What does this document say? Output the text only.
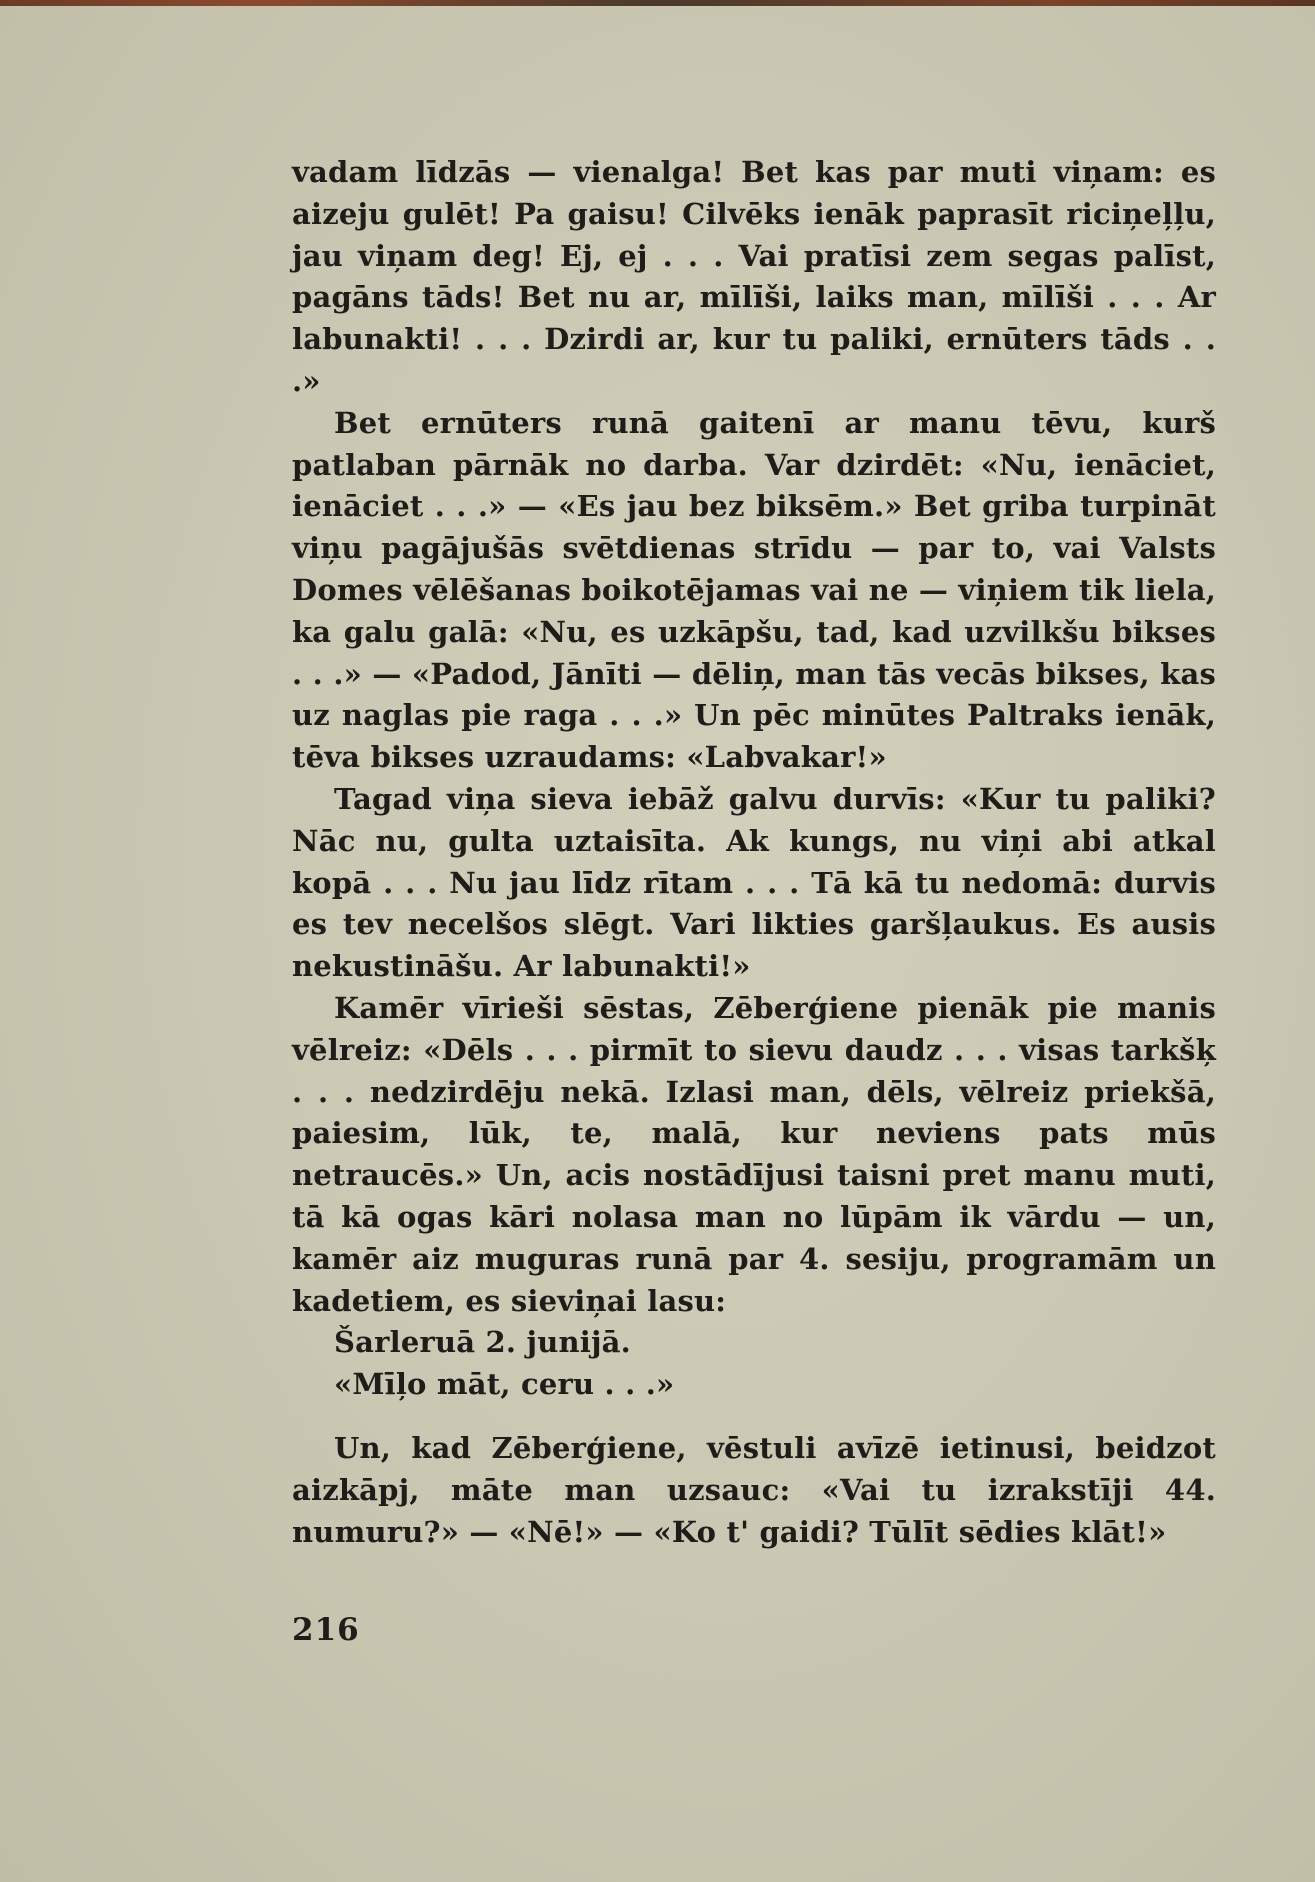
vadam līdzās — vienalga! Bet kas par muti viņam: es aizeju gulēt! Pa gaisu! Cilvēks ienāk paprasīt riciņeļļu, jau viņam deg! Ej, ej . . . Vai pratīsi zem segas palīst, pagāns tāds! Bet nu ar, mīlīši, laiks man, mīlīši . . . Ar labunakti! . . . Dzirdi ar, kur tu paliki, ernūters tāds . . .»

Bet ernūters runā gaitenī ar manu tēvu, kurš patlaban pārnāk no darba. Var dzirdēt: «Nu, ienāciet, ienāciet . . .» — «Es jau bez biksēm.» Bet griba turpināt viņu pagājušās svētdienas strīdu — par to, vai Valsts Domes vēlēšanas boikotējamas vai ne — viņiem tik liela, ka galu galā: «Nu, es uzkāpšu, tad, kad uzvilkšu bikses . . .» — «Padod, Jānīti — dēliņ, man tās vecās bikses, kas uz naglas pie raga . . .» Un pēc minūtes Paltraks ienāk, tēva bikses uzraudams: «Labvakar!»

Tagad viņa sieva iebāž galvu durvīs: «Kur tu paliki? Nāc nu, gulta uztaisīta. Ak kungs, nu viņi abi atkal kopā . . . Nu jau līdz rītam . . . Tā kā tu nedomā: durvis es tev necelšos slēgt. Vari likties garšļaukus. Es ausis nekustināšu. Ar labunakti!»

Kamēr vīrieši sēstas, Zēberģiene pienāk pie manis vēlreiz: «Dēls . . . pirmīt to sievu daudz . . . visas tarkšķ . . . nedzirdēju nekā. Izlasi man, dēls, vēlreiz priekšā, paiesim, lūk, te, malā, kur neviens pats mūs netraucēs.» Un, acis nostādījusi taisni pret manu muti, tā kā ogas kāri nolasa man no lūpām ik vārdu — un, kamēr aiz muguras runā par 4. sesiju, programām un kadetiem, es sieviņai lasu:

Šarleruā 2. junijā.

«Mīļo māt, ceru . . .»

Un, kad Zēberģiene, vēstuli avīzē ietinusi, beidzot aizkāpj, māte man uzsauc: «Vai tu izrakstīji 44. numuru?» — «Nē!» — «Ko t' gaidi? Tūlīt sēdies klāt!»

216
